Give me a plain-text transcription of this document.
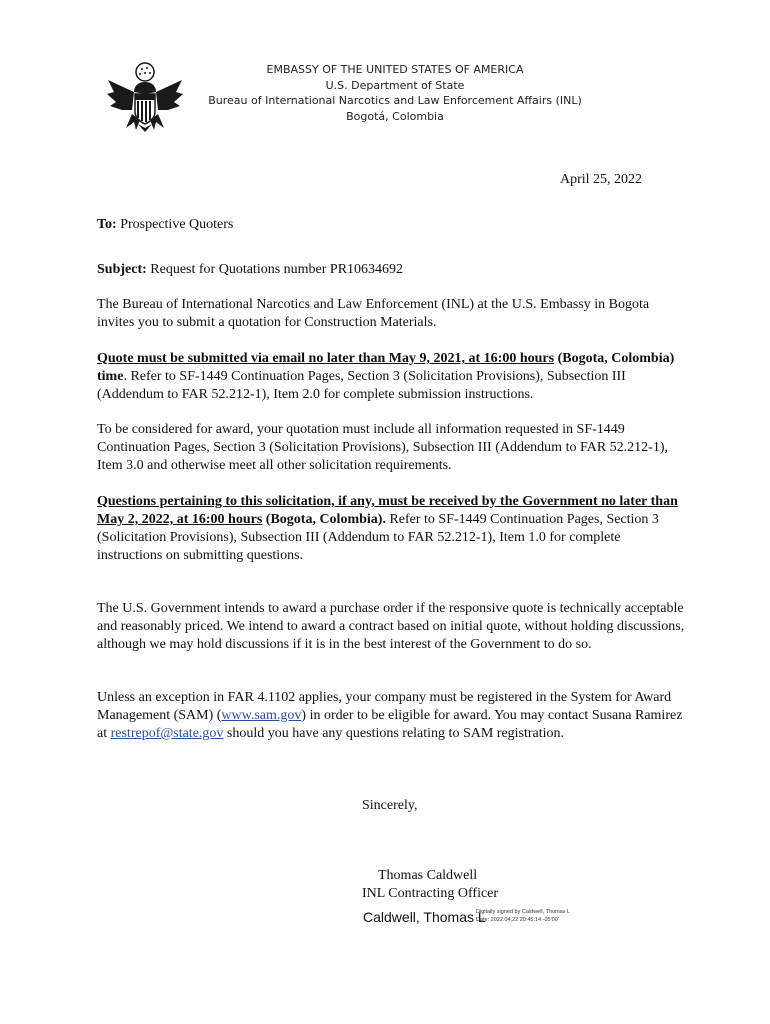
EMBASSY OF THE UNITED STATES OF AMERICA
U.S. Department of State
Bureau of International Narcotics and Law Enforcement Affairs (INL)
Bogotá, Colombia
April 25, 2022
To: Prospective Quoters
Subject: Request for Quotations number PR10634692
The Bureau of International Narcotics and Law Enforcement (INL) at the U.S. Embassy in Bogota invites you to submit a quotation for Construction Materials.
Quote must be submitted via email no later than May 9, 2021, at 16:00 hours (Bogota, Colombia) time. Refer to SF-1449 Continuation Pages, Section 3 (Solicitation Provisions), Subsection III (Addendum to FAR 52.212-1), Item 2.0 for complete submission instructions.
To be considered for award, your quotation must include all information requested in SF-1449 Continuation Pages, Section 3 (Solicitation Provisions), Subsection III (Addendum to FAR 52.212-1), Item 3.0 and otherwise meet all other solicitation requirements.
Questions pertaining to this solicitation, if any, must be received by the Government no later than May 2, 2022, at 16:00 hours (Bogota, Colombia). Refer to SF-1449 Continuation Pages, Section 3 (Solicitation Provisions), Subsection III (Addendum to FAR 52.212-1), Item 1.0 for complete instructions on submitting questions.
The U.S. Government intends to award a purchase order if the responsive quote is technically acceptable and reasonably priced. We intend to award a contract based on initial quote, without holding discussions, although we may hold discussions if it is in the best interest of the Government to do so.
Unless an exception in FAR 4.1102 applies, your company must be registered in the System for Award Management (SAM) (www.sam.gov) in order to be eligible for award. You may contact Susana Ramirez at restrepof@state.gov should you have any questions relating to SAM registration.
Sincerely,
Thomas Caldwell
INL Contracting Officer
Caldwell, Thomas L
Digitally signed by Caldwell, Thomas L
Date: 2022.04.22 20:45:14 -05'00'
